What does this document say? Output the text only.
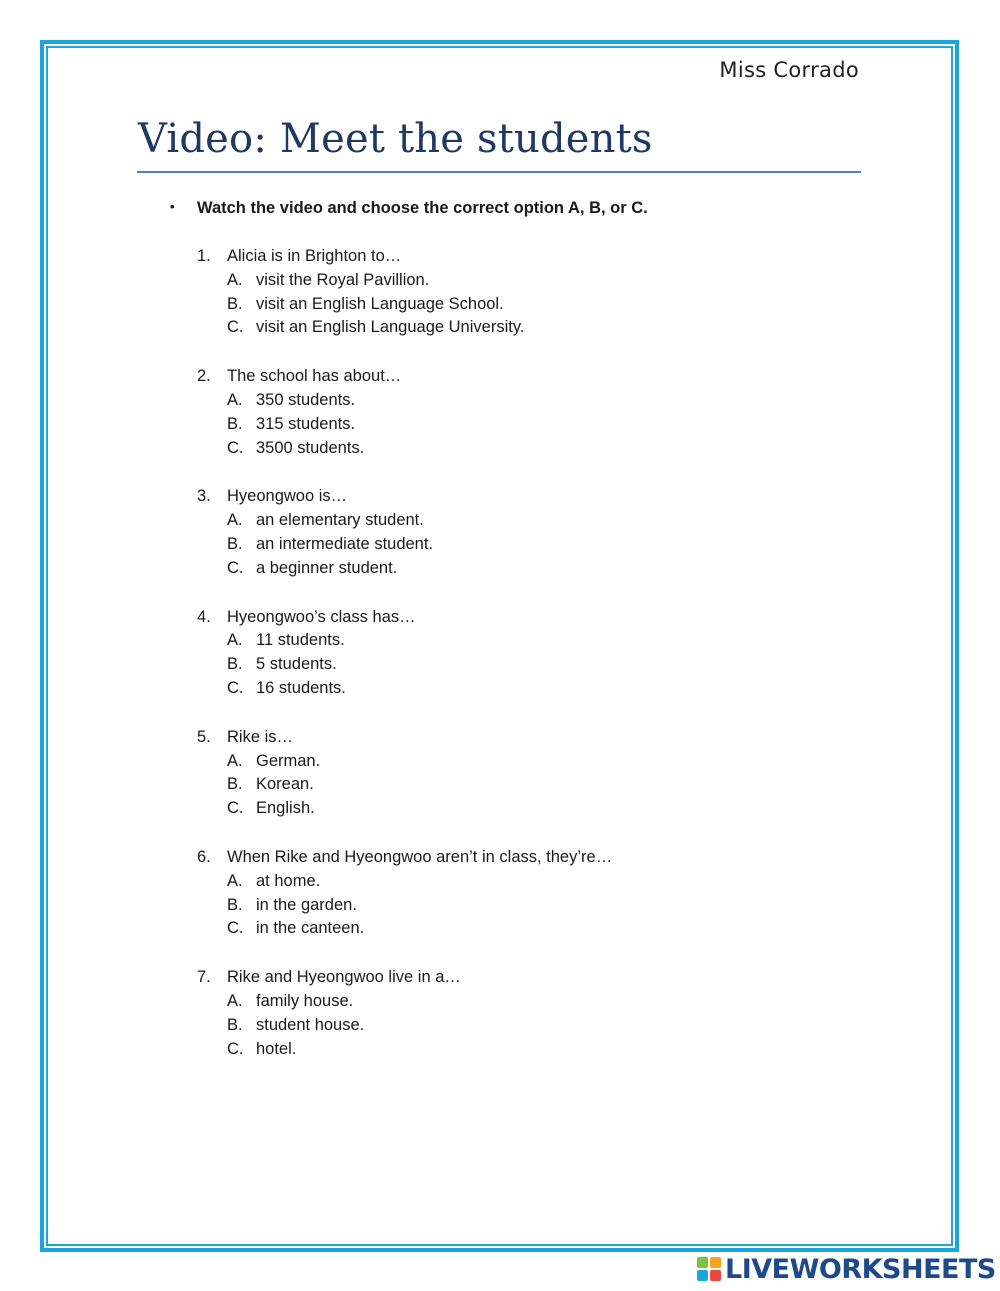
Miss Corrado
Video: Meet the students
• Watch the video and choose the correct option A, B, or C.
1. Alicia is in Brighton to…
A. visit the Royal Pavillion.
B. visit an English Language School.
C. visit an English Language University.
2. The school has about…
A. 350 students.
B. 315 students.
C. 3500 students.
3. Hyeongwoo is…
A. an elementary student.
B. an intermediate student.
C. a beginner student.
4. Hyeongwoo’s class has…
A. 11 students.
B. 5 students.
C. 16 students.
5. Rike is…
A. German.
B. Korean.
C. English.
6. When Rike and Hyeongwoo aren’t in class, they’re…
A. at home.
B. in the garden.
C. in the canteen.
7. Rike and Hyeongwoo live in a…
A. family house.
B. student house.
C. hotel.
LIVEWORKSHEETS
